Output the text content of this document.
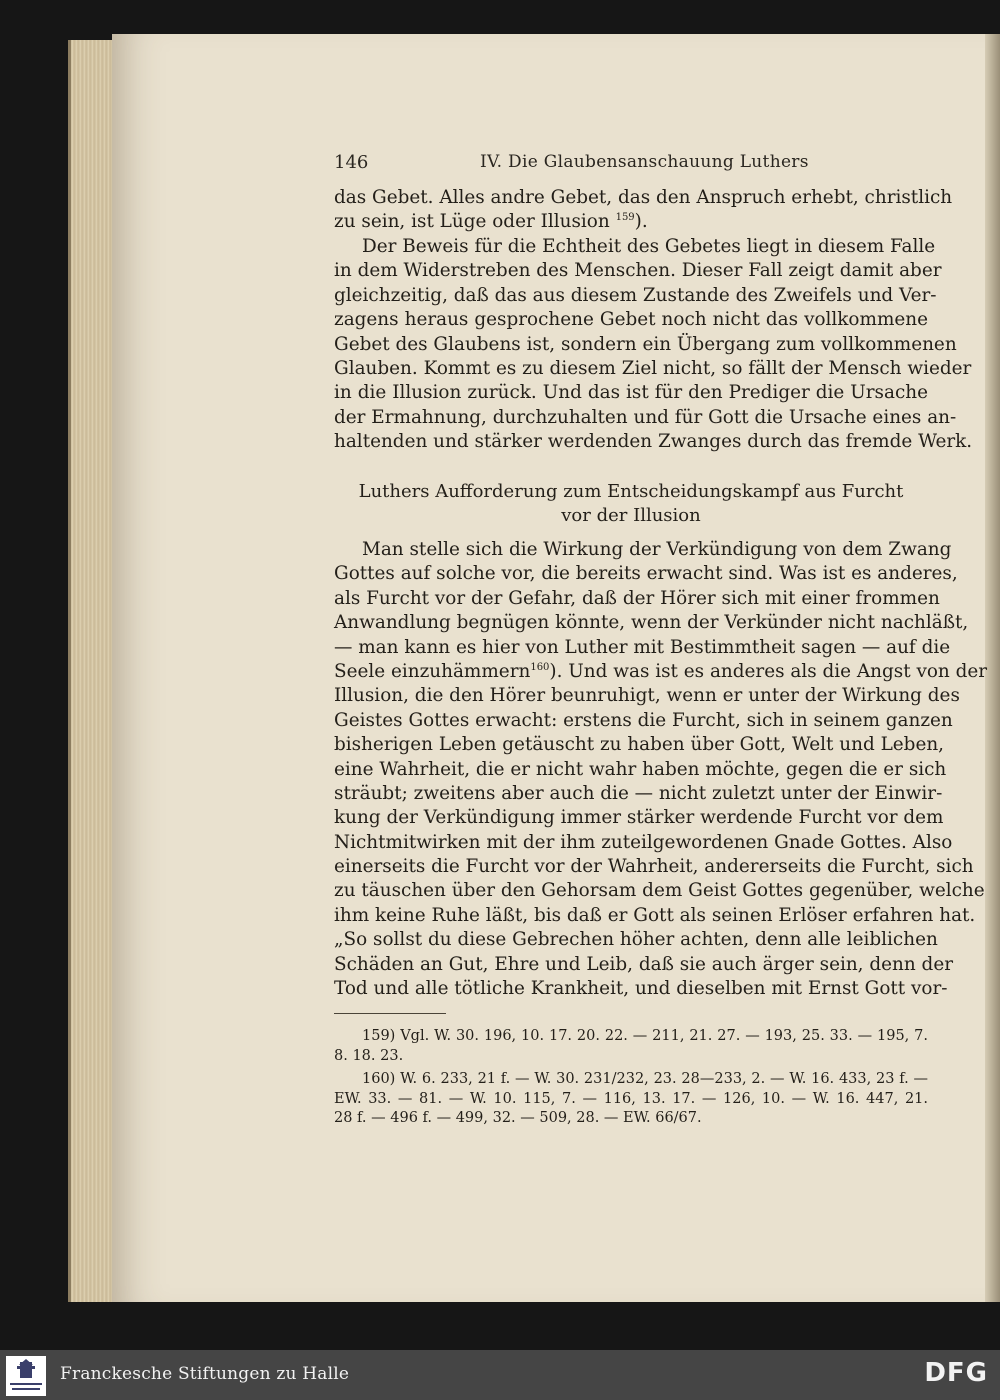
146	IV. Die Glaubensanschauung Luthers
das Gebet. Alles andre Gebet, das den Anspruch erhebt, christlich
zu sein, ist Lüge oder Illusion $^{159}$).
Der Beweis für die Echtheit des Gebetes liegt in diesem Falle
in dem Widerstreben des Menschen. Dieser Fall zeigt damit aber
gleichzeitig, daß das aus diesem Zustande des Zweifels und Ver-
zagens heraus gesprochene Gebet noch nicht das vollkommene
Gebet des Glaubens ist, sondern ein Übergang zum vollkommenen
Glauben. Kommt es zu diesem Ziel nicht, so fällt der Mensch wieder
in die Illusion zurück. Und das ist für den Prediger die Ursache
der Ermahnung, durchzuhalten und für Gott die Ursache eines an-
haltenden und stärker werdenden Zwanges durch das fremde Werk.
Luthers Aufforderung zum Entscheidungskampf aus Furcht
vor der Illusion
Man stelle sich die Wirkung der Verkündigung von dem Zwang
Gottes auf solche vor, die bereits erwacht sind. Was ist es anderes,
als Furcht vor der Gefahr, daß der Hörer sich mit einer frommen
Anwandlung begnügen könnte, wenn der Verkünder nicht nachläßt,
— man kann es hier von Luther mit Bestimmtheit sagen — auf die
Seele einzuhämmern$^{160}$). Und was ist es anderes als die Angst von der
Illusion, die den Hörer beunruhigt, wenn er unter der Wirkung des
Geistes Gottes erwacht: erstens die Furcht, sich in seinem ganzen
bisherigen Leben getäuscht zu haben über Gott, Welt und Leben,
eine Wahrheit, die er nicht wahr haben möchte, gegen die er sich
sträubt; zweitens aber auch die — nicht zuletzt unter der Einwir-
kung der Verkündigung immer stärker werdende Furcht vor dem
Nichtmitwirken mit der ihm zuteilgewordenen Gnade Gottes. Also
einerseits die Furcht vor der Wahrheit, andererseits die Furcht, sich
zu täuschen über den Gehorsam dem Geist Gottes gegenüber, welche
ihm keine Ruhe läßt, bis daß er Gott als seinen Erlöser erfahren hat.
„So sollst du diese Gebrechen höher achten, denn alle leiblichen
Schäden an Gut, Ehre und Leib, daß sie auch ärger sein, denn der
Tod und alle tötliche Krankheit, und dieselben mit Ernst Gott vor-
159) Vgl. W. 30. 196, 10. 17. 20. 22. — 211, 21. 27. — 193, 25. 33. — 195, 7.
8. 18. 23.
160) W. 6. 233, 21 f. — W. 30. 231/232, 23. 28—233, 2. — W. 16. 433, 23 f. —
EW. 33. — 81. — W. 10. 115, 7. — 116, 13. 17. — 126, 10. — W. 16. 447, 21.
28 f. — 496 f. — 499, 32. — 509, 28. — EW. 66/67.
Franckesche Stiftungen zu Halle	DFG
